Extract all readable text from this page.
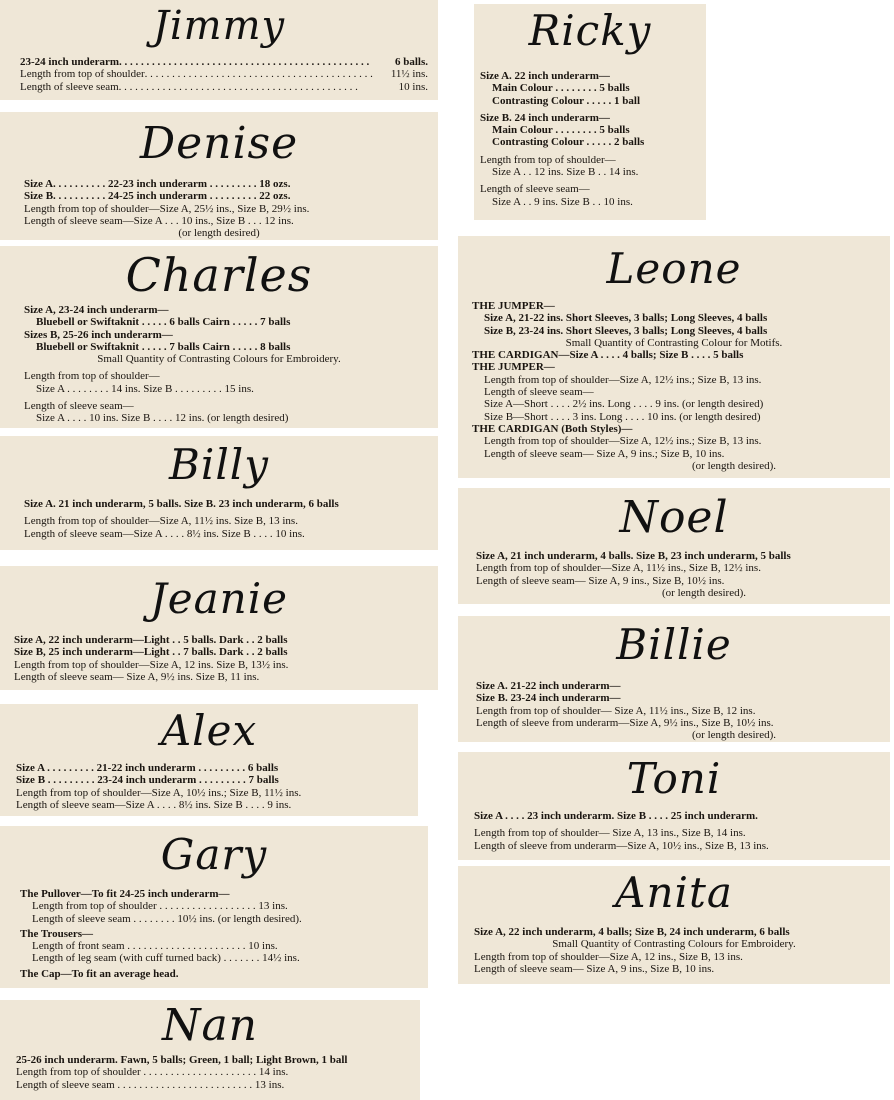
Jimmy
23-24 inch underarm . . . . . . . . . . . . . . . . . . . . . . . . . . . . . . . . . . . . . . . . . . . . . .	6 balls.
Length from top of shoulder . . . . . . . . . . . . . . . . . . . . . . . . . . . . . . . . . . . . . . . . . .	11½ ins.
Length of sleeve seam . . . . . . . . . . . . . . . . . . . . . . . . . . . . . . . . . . . . . . . . . . . .	10 ins.
Denise
Size A. . . . . . . . . . 22-23 inch underarm . . . . . . . . . 18 ozs.
Size B. . . . . . . . . . 24-25 inch underarm . . . . . . . . . 22 ozs.
Length from top of shoulder—Size A, 25½ ins., Size B, 29½ ins.
Length of sleeve seam—Size A . . . 10 ins., Size B . . . 12 ins.
(or length desired)
Charles
Size A, 23-24 inch underarm—
Bluebell or Swiftaknit . . . . . 6 balls Cairn . . . . . 7 balls
Sizes B, 25-26 inch underarm—
Bluebell or Swiftaknit . . . . . 7 balls Cairn . . . . . 8 balls
Small Quantity of Contrasting Colours for Embroidery.
Length from top of shoulder—
Size A . . . . . . . . 14 ins. Size B . . . . . . . . . 15 ins.
Length of sleeve seam—
Size A . . . . 10 ins. Size B . . . . 12 ins. (or length desired)
Billy
Size A. 21 inch underarm, 5 balls. Size B. 23 inch underarm, 6 balls
Length from top of shoulder—Size A, 11½ ins. Size B, 13 ins.
Length of sleeve seam—Size A . . . . 8½ ins. Size B . . . . 10 ins.
Jeanie
Size A, 22 inch underarm—Light . . 5 balls. Dark . . 2 balls
Size B, 25 inch underarm—Light . . 7 balls. Dark . . 2 balls
Length from top of shoulder—Size A, 12 ins. Size B, 13½ ins.
Length of sleeve seam— Size A, 9½ ins. Size B, 11 ins.
Alex
Size A . . . . . . . . . 21-22 inch underarm . . . . . . . . . 6 balls
Size B . . . . . . . . . 23-24 inch underarm . . . . . . . . . 7 balls
Length from top of shoulder—Size A, 10½ ins.; Size B, 11½ ins.
Length of sleeve seam—Size A . . . . 8½ ins. Size B . . . . 9 ins.
Gary
The Pullover—To fit 24-25 inch underarm—
Length from top of shoulder . . . . . . . . . . . . . . . . . . 13 ins.
Length of sleeve seam . . . . . . . . 10½ ins. (or length desired).
The Trousers—
Length of front seam . . . . . . . . . . . . . . . . . . . . . . 10 ins.
Length of leg seam (with cuff turned back) . . . . . . . 14½ ins.
The Cap—To fit an average head.
Nan
25-26 inch underarm. Fawn, 5 balls; Green, 1 ball; Light Brown, 1 ball
Length from top of shoulder . . . . . . . . . . . . . . . . . . . . . 14 ins.
Length of sleeve seam . . . . . . . . . . . . . . . . . . . . . . . . . 13 ins.
Ricky
Size A. 22 inch underarm—
Main Colour . . . . . . . . 5 balls
Contrasting Colour . . . . . 1 ball
Size B. 24 inch underarm—
Main Colour . . . . . . . . 5 balls
Contrasting Colour . . . . . 2 balls
Length from top of shoulder—
Size A . . 12 ins. Size B . . 14 ins.
Length of sleeve seam—
Size A . . 9 ins. Size B . . 10 ins.
Leone
THE JUMPER—
Size A, 21-22 ins. Short Sleeves, 3 balls; Long Sleeves, 4 balls
Size B, 23-24 ins. Short Sleeves, 3 balls; Long Sleeves, 4 balls
Small Quantity of Contrasting Colour for Motifs.
THE CARDIGAN—Size A . . . . 4 balls; Size B . . . . 5 balls
THE JUMPER—
Length from top of shoulder—Size A, 12½ ins.; Size B, 13 ins.
Length of sleeve seam—
Size A—Short . . . . 2½ ins. Long . . . . 9 ins. (or length desired)
Size B—Short . . . . 3 ins. Long . . . . 10 ins. (or length desired)
THE CARDIGAN (Both Styles)—
Length from top of shoulder—Size A, 12½ ins.; Size B, 13 ins.
Length of sleeve seam— Size A, 9 ins.; Size B, 10 ins.
(or length desired).
Noel
Size A, 21 inch underarm, 4 balls. Size B, 23 inch underarm, 5 balls
Length from top of shoulder—Size A, 11½ ins., Size B, 12½ ins.
Length of sleeve seam— Size A, 9 ins., Size B, 10½ ins.
(or length desired).
Billie
Size A. 21-22 inch underarm—
Size B. 23-24 inch underarm—
Length from top of shoulder— Size A, 11½ ins., Size B, 12 ins.
Length of sleeve from underarm—Size A, 9½ ins., Size B, 10½ ins.
(or length desired).
Toni
Size A . . . . 23 inch underarm. Size B . . . . 25 inch underarm.
Length from top of shoulder— Size A, 13 ins., Size B, 14 ins.
Length of sleeve from underarm—Size A, 10½ ins., Size B, 13 ins.
Anita
Size A, 22 inch underarm, 4 balls; Size B, 24 inch underarm, 6 balls
Small Quantity of Contrasting Colours for Embroidery.
Length from top of shoulder—Size A, 12 ins., Size B, 13 ins.
Length of sleeve seam— Size A, 9 ins., Size B, 10 ins.
